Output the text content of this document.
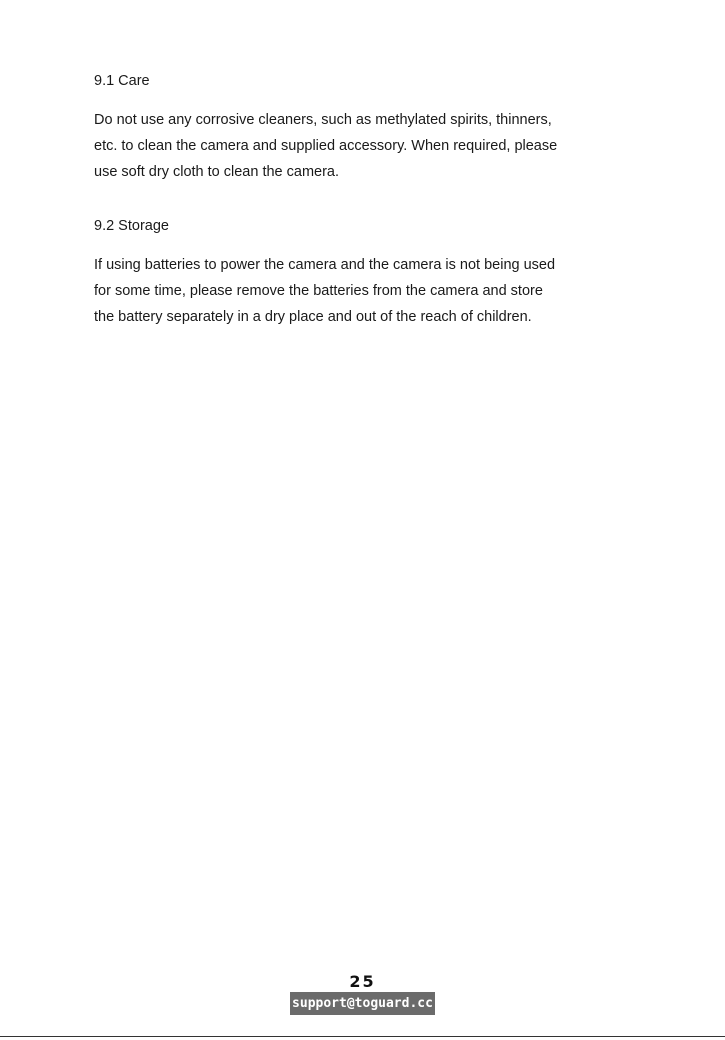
9.1 Care

Do not use any corrosive cleaners, such as methylated spirits, thinners,
etc. to clean the camera and supplied accessory. When required, please
use soft dry cloth to clean the camera.

9.2 Storage

If using batteries to power the camera and the camera is not being used
for some time, please remove the batteries from the camera and store
the battery separately in a dry place and out of the reach of children.

25
support@toguard.cc
